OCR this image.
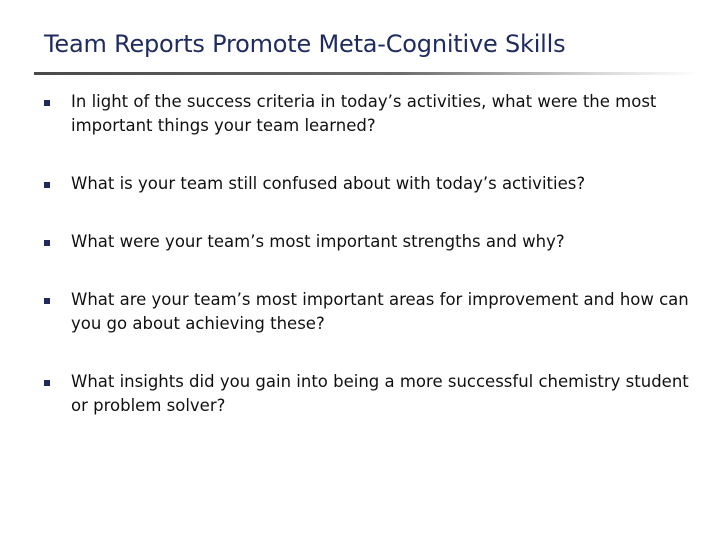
Team Reports Promote Meta-Cognitive Skills
In light of the success criteria in today’s activities, what were the most important things your team learned?
What is your team still confused about with today’s activities?
What were your team’s most important strengths and why?
What are your team’s most important areas for improvement and how can you go about achieving these?
What insights did you gain into being a more successful chemistry student or problem solver?
